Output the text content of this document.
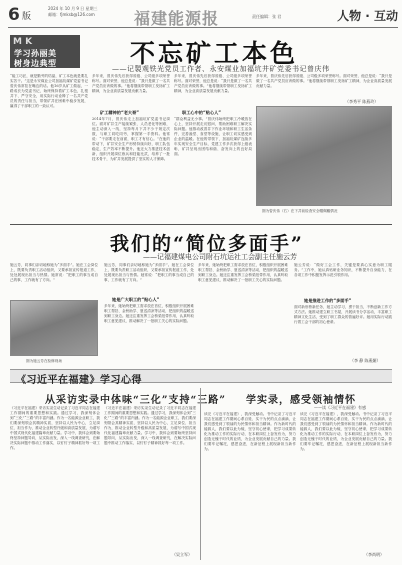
6 版
2024 年 10 月 9 日 星期三
邮箱：fjmksb@126.com 福建能源报	责任编辑：张 君	人物 · 互动
M K
学习孙丽美
树身边典型	不忘矿工本色
——记製观铁光党员工作者、永安煤业加福坑井矿党委书记曾庆伟
“能工巧匠，就是勤劳的结晶，矿工本色就是要扎实苦干。”这是永安煤业公司加福坑煤矿党委书记曾庆伟常挂在嘴边的话。他16岁从矿工做起，一路成长为党委书记，始终保持着矿工本色，扎根井下、严守安全，用实际行动诠释了一名共产党员的责任与担当，带领矿井在困难中稳步发展，赢得了干部职工的一致认可。
矿工精神的“老大哥”
2014年7月，曾庆伟走上加福坑矿党委书记岗位。面对矿井生产接续紧张、人员老化等困难，他主动深入一线，坚持每月下井不少于规定次数，与职工同吃同劳，掌握第一手资料。他常说：“干部要走在前面，职工才有信心。”在他的带动下，矿井安全生产形势持续向好，职工队伍稳定，生产效率不断提升。他还大力推进技术创新，组织开展岗位练兵和技能比武，培养了一批技术骨干，为矿井发展提供了坚实的人才保障。
多年来，曾庆伟先后获得省级、公司级多项荣誉称号。面对荣誉，他总是说：“我只是做了一名共产党员应该做的事。”他将继续带领职工发扬矿工精神，为企业高质量发展贡献力量。
职工心中的“贴心人”
多年来，曾庆伟先后获得省级、公司级多项荣誉称号。面对荣誉，他总是说：“我只是做了一名共产党员应该做的事。”他将继续带领职工发扬矿工精神，为企业高质量发展贡献力量。
“群众利益无小事。”曾庆伟始终把职工冷暖放在心上，坚持开展走访慰问，帮助困难职工解决实际问题。他推动改善井下作业环境和职工生活条件，完善澡堂、食堂等设施，让职工切实感受到企业的温暖。在他的带领下，加福坑煤矿连续多年实现安全生产目标，党建工作多次获得上级表彰，矿井呈现出团结和谐、奋发向上的良好局面。
多年来，曾庆伟先后获得省级、公司级多项荣誉称号。面对荣誉，他总是说：“我只是做了一名共产党员应该做的事。”他将继续带领职工发扬矿工精神，为企业高质量发展贡献力量。
（李秀平 陈燕玲）
图为曾庆伟（右）在下井前检查安全帽佩戴情况
我们的“简位多面手”
——记福建煤电公司附石坑运社工会副主任施云芳
施云芳，同事们亲切地称她为“多面手”。她在工会岗位上，既要负责职工活动组织，又要承担宣传报道工作，处处展现出担当与热情。她常说：“把职工的事当成自己的事，工作就有了方向。”
图为施云芳在检修现场
施云芳，同事们亲切地称她为“多面手”。她在工会岗位上，既要负责职工活动组织，又要承担宣传报道工作，处处展现出担当与热情。她常说：“把职工的事当成自己的事，工作就有了方向。”
她是广大职工的“贴心人”
多年来，她始终把职工需求放在首位，积极组织开展困难职工帮扶、金秋助学、夏送清凉等活动，把组织的温暖送到职工身边。她还注重发挥工会桥梁纽带作用，认真听取职工意见建议，推动解决了一批职工关心的实际问题。
多年来，她始终把职工需求放在首位，积极组织开展困难职工帮扶、金秋助学、夏送清凉等活动，把组织的温暖送到职工身边。她还注重发挥工会桥梁纽带作用，认真听取职工意见建议，推动解决了一批职工关心的实际问题。
施云芳说：“做好工会工作，关键是要真心实意为职工服务。”工作中，她认真钻研业务知识，不断提升自身能力，在各项工作中积极发挥示范引领作用。
她是推进工作的“多面手”
面对新形势新任务，她主动学习，勇于担当，不断创新工作方式方法。她推动建立职工书屋，开展读书分享活动，丰富职工精神文化生活，受到了职工群众的普遍好评。她用实际行动践行着工会干部的初心使命。
（李 静 陈燕媚）
《习近平在福建》学习心得
从采访实录中体味“三化”支持“三路”
《习近平在福建》采访实录生动记录了习近平同志在福建工作期间的重要思想和实践。通过学习，我深刻体会到“三化”“三路”的丰富内涵。作为一名能源企业职工，我们要深刻领会其精神实质，坚持以人民为中心，立足岗位、担当作为，推动企业转型升级和高质量发展，为谱写中国式现代化福建篇章贡献力量。学习中，我体会到要始终坚持问题导向，从实际出发，深入一线调查研究，在解决实际问题中推动工作落实，以钉钉子精神抓好每一项工作。
《习近平在福建》采访实录生动记录了习近平同志在福建工作期间的重要思想和实践。通过学习，我深刻体会到“三化”“三路”的丰富内涵。作为一名能源企业职工，我们要深刻领会其精神实质，坚持以人民为中心，立足岗位、担当作为，推动企业转型升级和高质量发展，为谱写中国式现代化福建篇章贡献力量。学习中，我体会到要始终坚持问题导向，从实际出发，深入一线调查研究，在解决实际问题中推动工作落实，以钉钉子精神抓好每一项工作。
（吴立军）
学实录，感受领袖情怀
——读《习近平在福建》有感
读完《习近平在福建》，我深受触动。书中记录了习近平同志在福建工作期间心系百姓、实干为民的点点滴滴，让我们感受到了领袖的为民情怀和担当精神。作为新时代的能源人，我们要以此为镜，坚守初心使命，把学习成果转化为推动工作的实际行动，在本职岗位上奋发有为，努力创造无愧于时代的业绩，为企业发展贡献自己的力量。我们要牢记嘱托，感恩奋进，在新征程上展现新担当新作为。
读完《习近平在福建》，我深受触动。书中记录了习近平同志在福建工作期间心系百姓、实干为民的点点滴滴，让我们感受到了领袖的为民情怀和担当精神。作为新时代的能源人，我们要以此为镜，坚守初心使命，把学习成果转化为推动工作的实际行动，在本职岗位上奋发有为，努力创造无愧于时代的业绩，为企业发展贡献自己的力量。我们要牢记嘱托，感恩奋进，在新征程上展现新担当新作为。
（李尚明）
